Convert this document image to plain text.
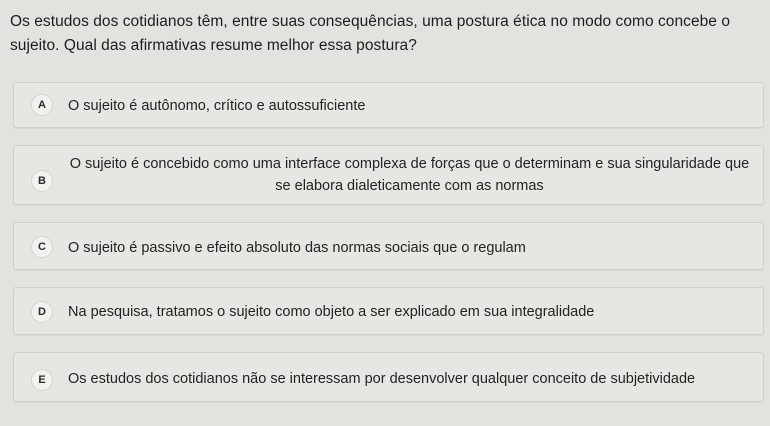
Os estudos dos cotidianos têm, entre suas consequências, uma postura ética no modo como concebe o sujeito. Qual das afirmativas resume melhor essa postura?
A	O sujeito é autônomo, crítico e autossuficiente
B
O sujeito é concebido como uma interface complexa de forças que o determinam e sua singularidade que se elabora dialeticamente com as normas
C	O sujeito é passivo e efeito absoluto das normas sociais que o regulam
D	Na pesquisa, tratamos o sujeito como objeto a ser explicado em sua integralidade
E	Os estudos dos cotidianos não se interessam por desenvolver qualquer conceito de subjetividade
